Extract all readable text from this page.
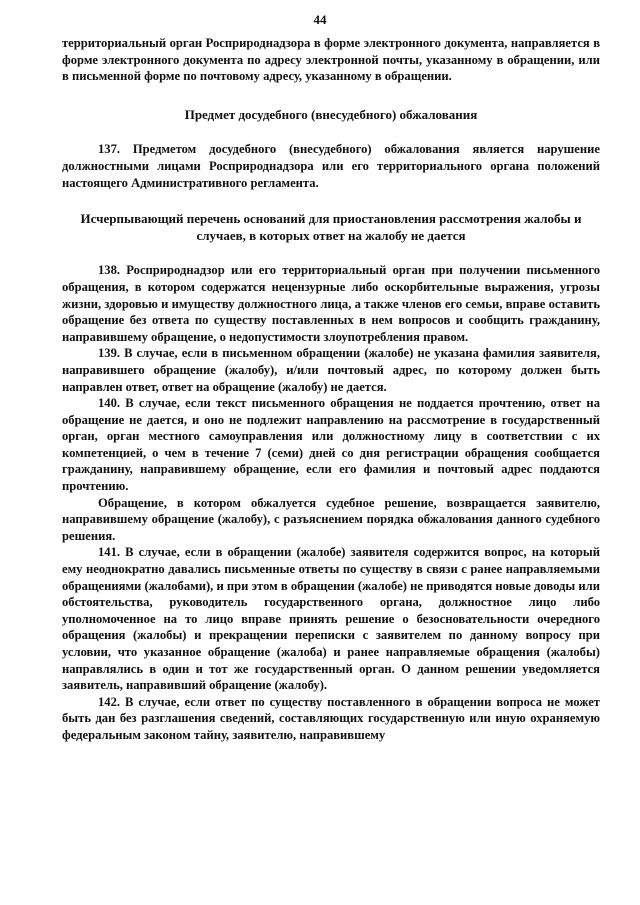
44

территориальный орган Росприроднадзора в форме электронного документа, направляется в форме электронного документа по адресу электронной почты, указанному в обращении, или в письменной форме по почтовому адресу, указанному в обращении.

Предмет досудебного (внесудебного) обжалования

137. Предметом досудебного (внесудебного) обжалования является нарушение должностными лицами Росприроднадзора или его территориального органа положений настоящего Административного регламента.

Исчерпывающий перечень оснований для приостановления рассмотрения жалобы и случаев, в которых ответ на жалобу не дается

138. Росприроднадзор или его территориальный орган при получении письменного обращения, в котором содержатся нецензурные либо оскорбительные выражения, угрозы жизни, здоровью и имуществу должностного лица, а также членов его семьи, вправе оставить обращение без ответа по существу поставленных в нем вопросов и сообщить гражданину, направившему обращение, о недопустимости злоупотребления правом.

139. В случае, если в письменном обращении (жалобе) не указана фамилия заявителя, направившего обращение (жалобу), и/или почтовый адрес, по которому должен быть направлен ответ, ответ на обращение (жалобу) не дается.

140. В случае, если текст письменного обращения не поддается прочтению, ответ на обращение не дается, и оно не подлежит направлению на рассмотрение в государственный орган, орган местного самоуправления или должностному лицу в соответствии с их компетенцией, о чем в течение 7 (семи) дней со дня регистрации обращения сообщается гражданину, направившему обращение, если его фамилия и почтовый адрес поддаются прочтению.

Обращение, в котором обжалуется судебное решение, возвращается заявителю, направившему обращение (жалобу), с разъяснением порядка обжалования данного судебного решения.

141. В случае, если в обращении (жалобе) заявителя содержится вопрос, на который ему неоднократно давались письменные ответы по существу в связи с ранее направляемыми обращениями (жалобами), и при этом в обращении (жалобе) не приводятся новые доводы или обстоятельства, руководитель государственного органа, должностное лицо либо уполномоченное на то лицо вправе принять решение о безосновательности очередного обращения (жалобы) и прекращении переписки с заявителем по данному вопросу при условии, что указанное обращение (жалоба) и ранее направляемые обращения (жалобы) направлялись в один и тот же государственный орган. О данном решении уведомляется заявитель, направивший обращение (жалобу).

142. В случае, если ответ по существу поставленного в обращении вопроса не может быть дан без разглашения сведений, составляющих государственную или иную охраняемую федеральным законом тайну, заявителю, направившему
